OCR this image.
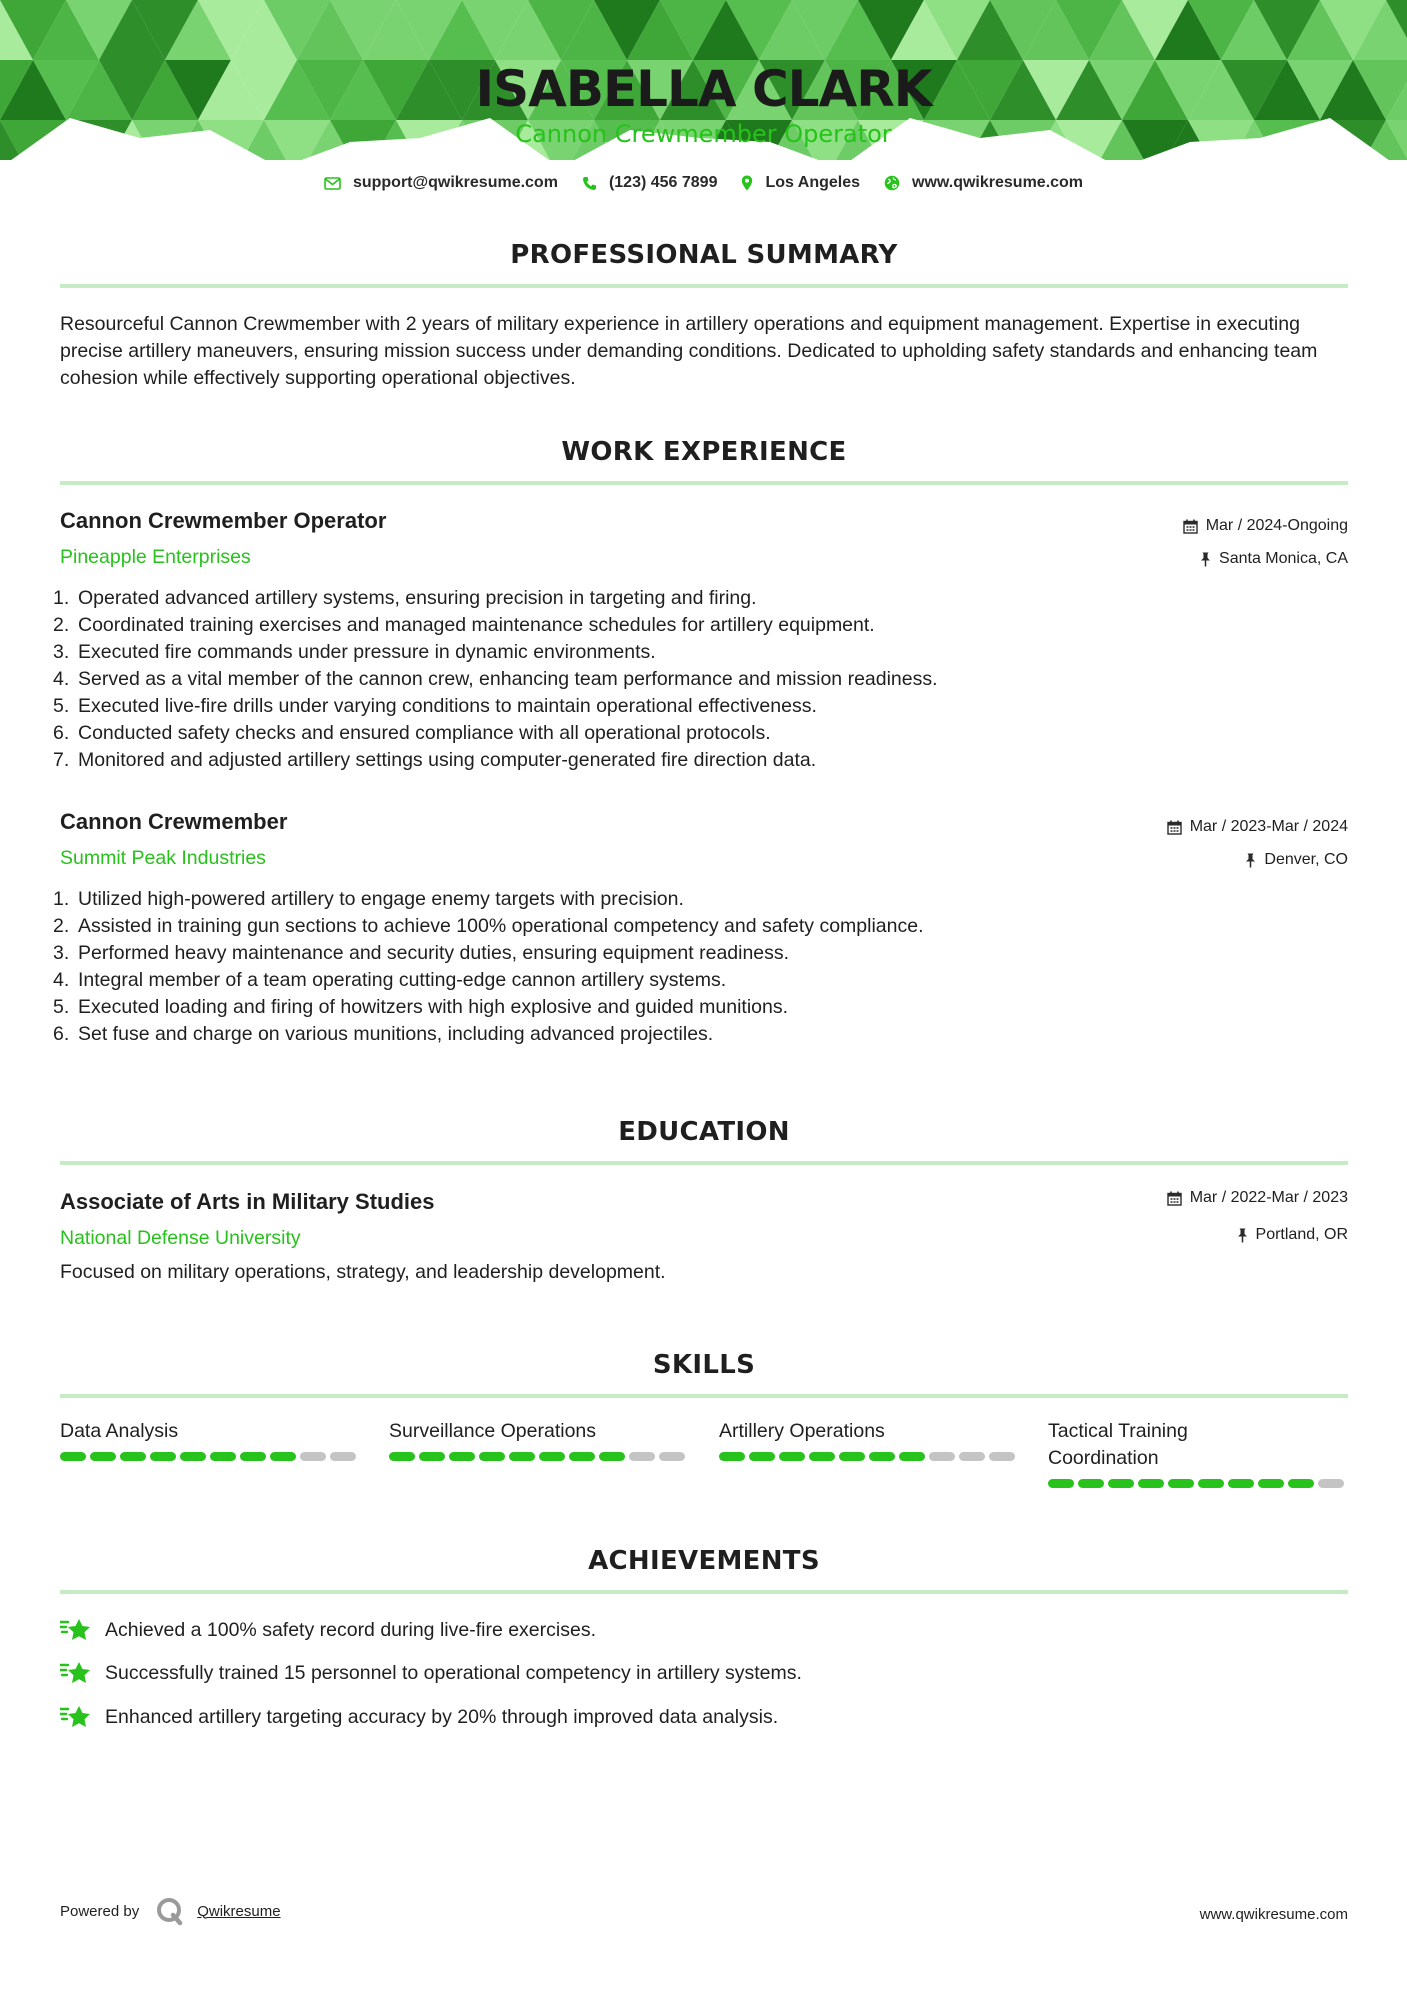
ISABELLA CLARK
Cannon Crewmember Operator
support@qwikresume.com	(123) 456 7899	Los Angeles	www.qwikresume.com
PROFESSIONAL SUMMARY
Resourceful Cannon Crewmember with 2 years of military experience in artillery operations and equipment management. Expertise in executing precise artillery maneuvers, ensuring mission success under demanding conditions. Dedicated to upholding safety standards and enhancing team cohesion while effectively supporting operational objectives.
WORK EXPERIENCE
Cannon Crewmember Operator
Pineapple Enterprises
Mar / 2024-Ongoing
Santa Monica, CA
1. Operated advanced artillery systems, ensuring precision in targeting and firing.
2. Coordinated training exercises and managed maintenance schedules for artillery equipment.
3. Executed fire commands under pressure in dynamic environments.
4. Served as a vital member of the cannon crew, enhancing team performance and mission readiness.
5. Executed live-fire drills under varying conditions to maintain operational effectiveness.
6. Conducted safety checks and ensured compliance with all operational protocols.
7. Monitored and adjusted artillery settings using computer-generated fire direction data.
Cannon Crewmember
Summit Peak Industries
Mar / 2023-Mar / 2024
Denver, CO
1. Utilized high-powered artillery to engage enemy targets with precision.
2. Assisted in training gun sections to achieve 100% operational competency and safety compliance.
3. Performed heavy maintenance and security duties, ensuring equipment readiness.
4. Integral member of a team operating cutting-edge cannon artillery systems.
5. Executed loading and firing of howitzers with high explosive and guided munitions.
6. Set fuse and charge on various munitions, including advanced projectiles.
EDUCATION
Associate of Arts in Military Studies
National Defense University
Mar / 2022-Mar / 2023
Portland, OR
Focused on military operations, strategy, and leadership development.
SKILLS
Data Analysis	Surveillance Operations	Artillery Operations	Tactical Training Coordination
ACHIEVEMENTS
Achieved a 100% safety record during live-fire exercises.
Successfully trained 15 personnel to operational competency in artillery systems.
Enhanced artillery targeting accuracy by 20% through improved data analysis.
Powered by	Qwikresume	www.qwikresume.com
